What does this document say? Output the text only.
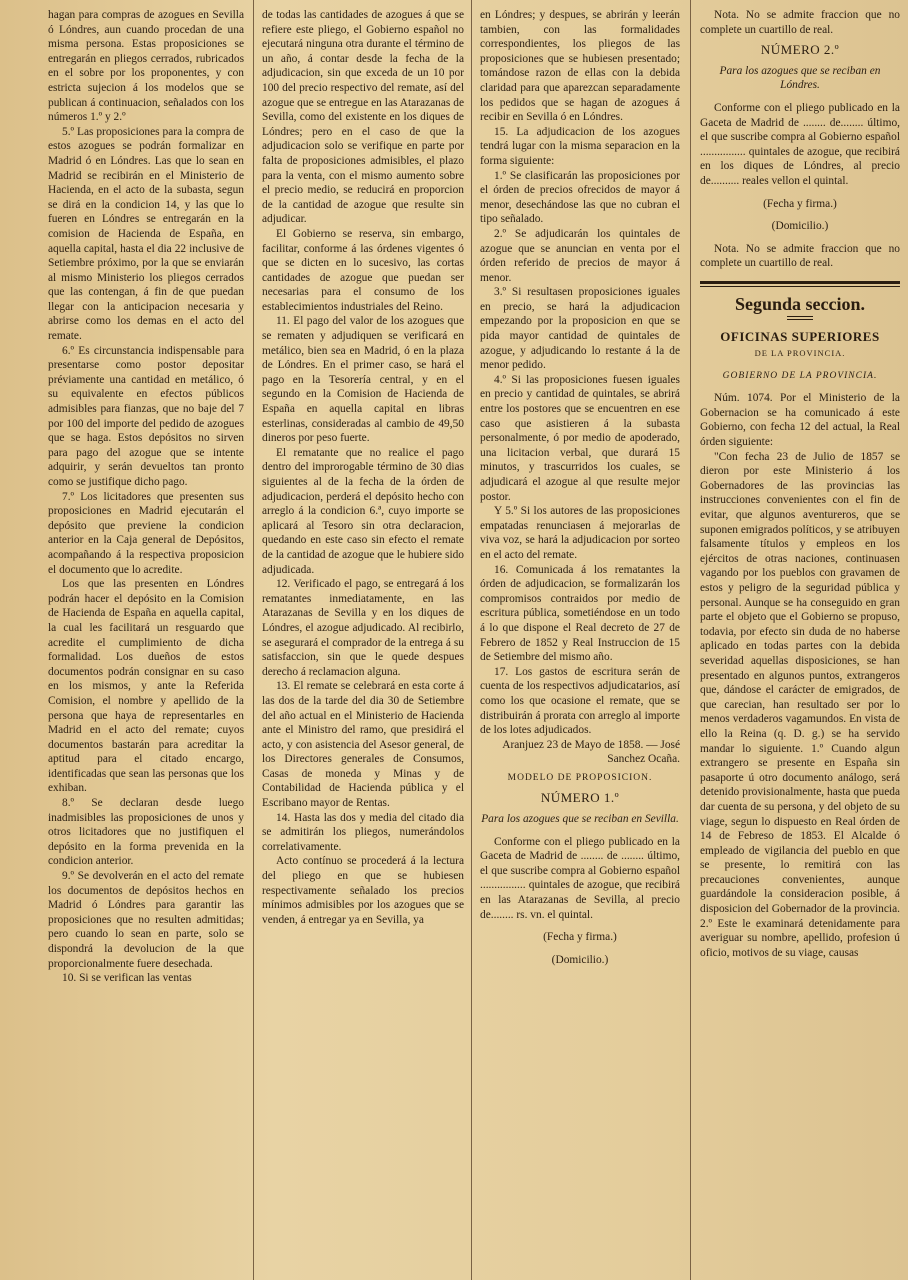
hagan para compras de azogues en Sevilla ó Lóndres, aun cuando procedan de una misma persona. Estas proposiciones se entregarán en pliegos cerrados, rubricados en el sobre por los proponentes, y con estricta sujecion á los modelos que se publican á continuacion, señalados con los números 1.º y 2.º

5.º Las proposiciones para la compra de estos azogues se podrán formalizar en Madrid ó en Lóndres. Las que lo sean en Madrid se recibirán en el Ministerio de Hacienda, en el acto de la subasta, segun se dirá en la condicion 14, y las que lo fueren en Lóndres se entregarán en la comision de Hacienda de España, en aquella capital, hasta el dia 22 inclusive de Setiembre próximo, por la que se enviarán al mismo Ministerio los pliegos cerrados que las contengan, á fin de que puedan llegar con la anticipacion necesaria y abrirse como los demas en el acto del remate.

6.º Es circunstancia indispensable para presentarse como postor depositar préviamente una cantidad en metálico, ó su equivalente en efectos públicos admisibles para fianzas, que no baje del 7 por 100 del importe del pedido de azogues que se haga. Estos depósitos no sirven para pago del azogue que se intente adquirir, y serán devueltos tan pronto como se justifique dicho pago.

7.º Los licitadores que presenten sus proposiciones en Madrid ejecutarán el depósito que previene la condicion anterior en la Caja general de Depósitos, acompañando á la respectiva proposicion el documento que lo acredite.

Los que las presenten en Lóndres podrán hacer el depósito en la Comision de Hacienda de España en aquella capital, la cual les facilitará un resguardo que acredite el cumplimiento de dicha formalidad. Los dueños de estos documentos podrán consignar en su caso en los mismos, y ante la Referida Comision, el nombre y apellido de la persona que haya de representarles en Madrid en el acto del remate; cuyos documentos bastarán para acreditar la aptitud para el citado encargo, identificadas que sean las personas que los exhiban.

8.º Se declaran desde luego inadmisibles las proposiciones de unos y otros licitadores que no justifiquen el depósito en la forma prevenida en la condicion anterior.

9.º Se devolverán en el acto del remate los documentos de depósitos hechos en Madrid ó Lóndres para garantir las proposiciones que no resulten admitidas; pero cuando lo sean en parte, solo se dispondrá la devolucion de la que proporcionalmente fuere desechada.

10. Si se verifican las ventas

de todas las cantidades de azogues á que se refiere este pliego, el Gobierno español no ejecutará ninguna otra durante el término de un año, á contar desde la fecha de la adjudicacion, sin que exceda de un 10 por 100 del precio respectivo del remate, así del azogue que se entregue en las Atarazanas de Sevilla, como del existente en los diques de Lóndres; pero en el caso de que la adjudicacion solo se verifique en parte por falta de proposiciones admisibles, el plazo para la venta, con el mismo aumento sobre el precio medio, se reducirá en proporcion de la cantidad de azogue que resulte sin adjudicar.

El Gobierno se reserva, sin embargo, facilitar, conforme á las órdenes vigentes ó que se dicten en lo sucesivo, las cortas cantidades de azogue que puedan ser necesarias para el consumo de los establecimientos industriales del Reino.

11. El pago del valor de los azogues que se rematen y adjudiquen se verificará en metálico, bien sea en Madrid, ó en la plaza de Lóndres. En el primer caso, se hará el pago en la Tesorería central, y en el segundo en la Comision de Hacienda de España en aquella capital en libras esterlinas, consideradas al cambio de 49,50 dineros por peso fuerte.

El rematante que no realice el pago dentro del improrogable término de 30 dias siguientes al de la fecha de la órden de adjudicacion, perderá el depósito hecho con arreglo á la condicion 6.ª, cuyo importe se aplicará al Tesoro sin otra declaracion, quedando en este caso sin efecto el remate de la cantidad de azogue que le hubiere sido adjudicada.

12. Verificado el pago, se entregará á los rematantes inmediatamente, en las Atarazanas de Sevilla y en los diques de Lóndres, el azogue adjudicado. Al recibirlo, se asegurará el comprador de la entrega á su satisfaccion, sin que le quede despues derecho á reclamacion alguna.

13. El remate se celebrará en esta corte á las dos de la tarde del dia 30 de Setiembre del año actual en el Ministerio de Hacienda ante el Ministro del ramo, que presidirá el acto, y con asistencia del Asesor general, de los Directores generales de Consumos, Casas de moneda y Minas y de Contabilidad de Hacienda pública y el Escribano mayor de Rentas.

14. Hasta las dos y media del citado dia se admitirán los pliegos, numerándolos correlativamente.

Acto contínuo se procederá á la lectura del pliego en que se hubiesen respectivamente señalado los precios mínimos admisibles por los azogues que se venden, á entregar ya en Sevilla, ya

en Lóndres; y despues, se abrirán y leerán tambien, con las formalidades correspondientes, los pliegos de las proposiciones que se hubiesen presentado; tomándose razon de ellas con la debida claridad para que aparezcan separadamente los pedidos que se hagan de azogues á recibir en Sevilla ó en Lóndres.

15. La adjudicacion de los azogues tendrá lugar con la misma separacion en la forma siguiente:

1.º Se clasificarán las proposiciones por el órden de precios ofrecidos de mayor á menor, desechándose las que no cubran el tipo señalado.

2.º Se adjudicarán los quintales de azogue que se anuncian en venta por el órden referido de precios de mayor á menor.

3.º Si resultasen proposiciones iguales en precio, se hará la adjudicacion empezando por la proposicion en que se pida mayor cantidad de quintales de azogue, y adjudicando lo restante á la de menor pedido.

4.º Si las proposiciones fuesen iguales en precio y cantidad de quintales, se abrirá entre los postores que se encuentren en ese caso que asistieren á la subasta personalmente, ó por medio de apoderado, una licitacion verbal, que durará 15 minutos, y trascurridos los cuales, se adjudicará el azogue al que resulte mejor postor.

Y 5.º Si los autores de las proposiciones empatadas renunciasen á mejorarlas de viva voz, se hará la adjudicacion por sorteo en el acto del remate.

16. Comunicada á los rematantes la órden de adjudicacion, se formalizarán los compromisos contraidos por medio de escritura pública, sometiéndose en un todo á lo que dispone el Real decreto de 27 de Febrero de 1852 y Real Instruccion de 15 de Setiembre del mismo año.

17. Los gastos de escritura serán de cuenta de los respectivos adjudicatarios, así como los que ocasione el remate, que se distribuirán á prorata con arreglo al importe de los lotes adjudicados.

Aranjuez 23 de Mayo de 1858. — José Sanchez Ocaña.

MODELO DE PROPOSICION.
NÚMERO 1.º
Para los azogues que se reciban en Sevilla.

Conforme con el pliego publicado en la Gaceta de Madrid de ........ de ........ último, el que suscribe compra al Gobierno español ................ quintales de azogue, que recibirá en las Atarazanas de Sevilla, al precio de........ rs. vn. el quintal.

(Fecha y firma.)
(Domicilio.)

Nota. No se admite fraccion que no complete un cuartillo de real.

NÚMERO 2.º
Para los azogues que se reciban en Lóndres.

Conforme con el pliego publicado en la Gaceta de Madrid de ........ de........ último, el que suscribe compra al Gobierno español ................ quintales de azogue, que recibirá en los diques de Lóndres, al precio de.......... reales vellon el quintal.

(Fecha y firma.)
(Domicilio.)

Nota. No se admite fraccion que no complete un cuartillo de real.

Segunda seccion.
OFICINAS SUPERIORES
DE LA PROVINCIA.
GOBIERNO DE LA PROVINCIA.

Núm. 1074. Por el Ministerio de la Gobernacion se ha comunicado á este Gobierno, con fecha 12 del actual, la Real órden siguiente:

"Con fecha 23 de Julio de 1857 se dieron por este Ministerio á los Gobernadores de las provincias las instrucciones convenientes con el fin de evitar, que algunos aventureros, que se suponen emigrados políticos, y se atribuyen falsamente títulos y empleos en los ejércitos de otras naciones, continuasen vagando por los pueblos con gravamen de estos y peligro de la seguridad pública y personal. Aunque se ha conseguido en gran parte el objeto que el Gobierno se propuso, todavia, por efecto sin duda de no haberse aplicado en todas partes con la debida severidad aquellas disposiciones, se han presentado en algunos puntos, extrangeros que, dándose el carácter de emigrados, de que carecian, han resultado ser por lo menos verdaderos vagamundos. En vista de ello la Reina (q. D. g.) se ha servido mandar lo siguiente. 1.º Cuando algun extrangero se presente en España sin pasaporte ú otro documento análogo, será detenido provisionalmente, hasta que pueda dar cuenta de su persona, y del objeto de su viage, segun lo dispuesto en Real órden de 14 de Febreso de 1853. El Alcalde ó empleado de vigilancia del pueblo en que se presente, lo remitirá con las precauciones convenientes, aunque guardándole la consideracion posible, á disposicion del Gobernador de la provincia. 2.º Este le examinará detenidamente para averiguar su nombre, apellido, profesion ú oficio, motivos de su viage, causas
